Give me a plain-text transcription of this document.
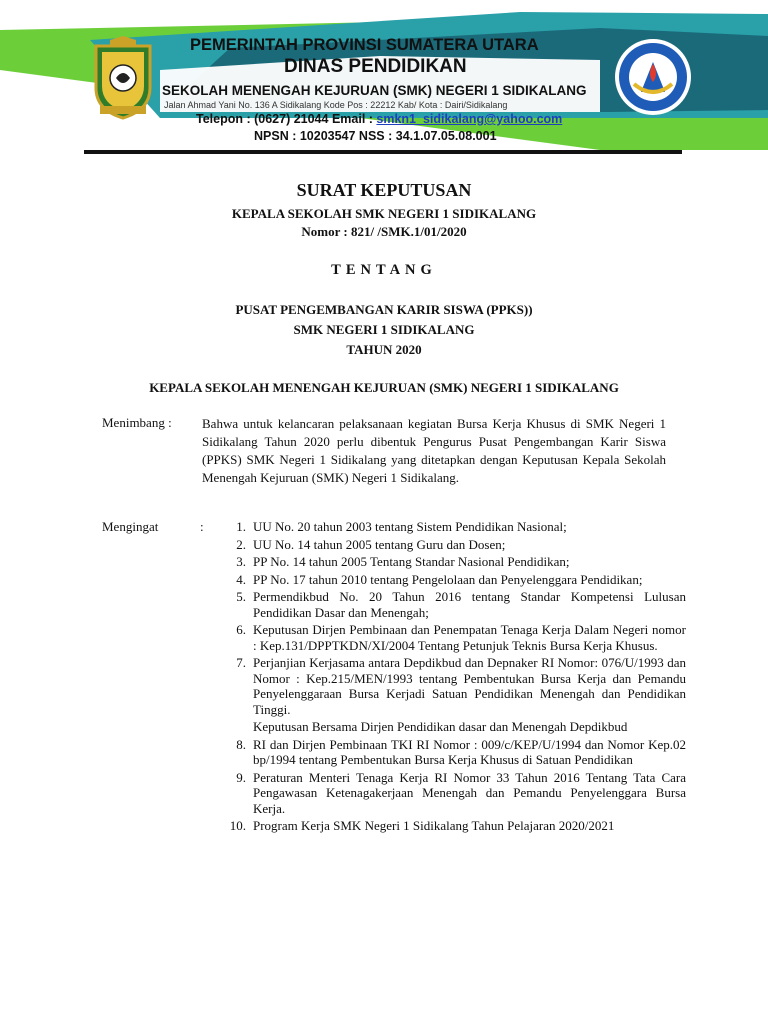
PEMERINTAH PROVINSI SUMATERA UTARA
DINAS PENDIDIKAN
SEKOLAH MENENGAH KEJURUAN (SMK) NEGERI 1 SIDIKALANG
Jalan Ahmad Yani No. 136 A Sidikalang Kode Pos : 22212 Kab/ Kota : Dairi/Sidikalang
Telepon : (0627) 21044 Email : smkn1_sidikalang@yahoo.com
NPSN : 10203547 NSS : 34.1.07.05.08.001
SURAT KEPUTUSAN
KEPALA SEKOLAH SMK NEGERI 1 SIDIKALANG
Nomor : 821/ /SMK.1/01/2020
TENTANG
PUSAT PENGEMBANGAN KARIR SISWA (PPKS))
SMK NEGERI 1 SIDIKALANG
TAHUN 2020
KEPALA SEKOLAH MENENGAH KEJURUAN (SMK) NEGERI 1 SIDIKALANG
Menimbang : Bahwa untuk kelancaran pelaksanaan kegiatan Bursa Kerja Khusus di SMK Negeri 1 Sidikalang Tahun 2020 perlu dibentuk Pengurus Pusat Pengembangan Karir Siswa (PPKS) SMK Negeri 1 Sidikalang yang ditetapkan dengan Keputusan Kepala Sekolah Menengah Kejuruan (SMK) Negeri 1 Sidikalang.
Mengingat	:	1. UU No. 20 tahun 2003 tentang Sistem Pendidikan Nasional;
2. UU No. 14 tahun 2005 tentang Guru dan Dosen;
3. PP No. 14 tahun 2005 Tentang Standar Nasional Pendidikan;
4. PP No. 17 tahun 2010 tentang Pengelolaan dan Penyelenggara Pendidikan;
5. Permendikbud No. 20 Tahun 2016 tentang Standar Kompetensi Lulusan Pendidikan Dasar dan Menengah;
6. Keputusan Dirjen Pembinaan dan Penempatan Tenaga Kerja Dalam Negeri nomor : Kep.131/DPPTKDN/XI/2004 Tentang Petunjuk Teknis Bursa Kerja Khusus.
7. Perjanjian Kerjasama antara Depdikbud dan Depnaker RI Nomor: 076/U/1993 dan Nomor : Kep.215/MEN/1993 tentang Pembentukan Bursa Kerja dan Pemandu Penyelenggaraan Bursa Kerjadi Satuan Pendidikan Menengah dan Pendidikan Tinggi.
Keputusan Bersama Dirjen Pendidikan dasar dan Menengah Depdikbud
8. RI dan Dirjen Pembinaan TKI RI Nomor : 009/c/KEP/U/1994 dan Nomor Kep.02 bp/1994 tentang Pembentukan Bursa Kerja Khusus di Satuan Pendidikan
9. Peraturan Menteri Tenaga Kerja RI Nomor 33 Tahun 2016 Tentang Tata Cara Pengawasan Ketenagakerjaan Menengah dan Pemandu Penyelenggara Bursa Kerja.
10. Program Kerja SMK Negeri 1 Sidikalang Tahun Pelajaran 2020/2021
